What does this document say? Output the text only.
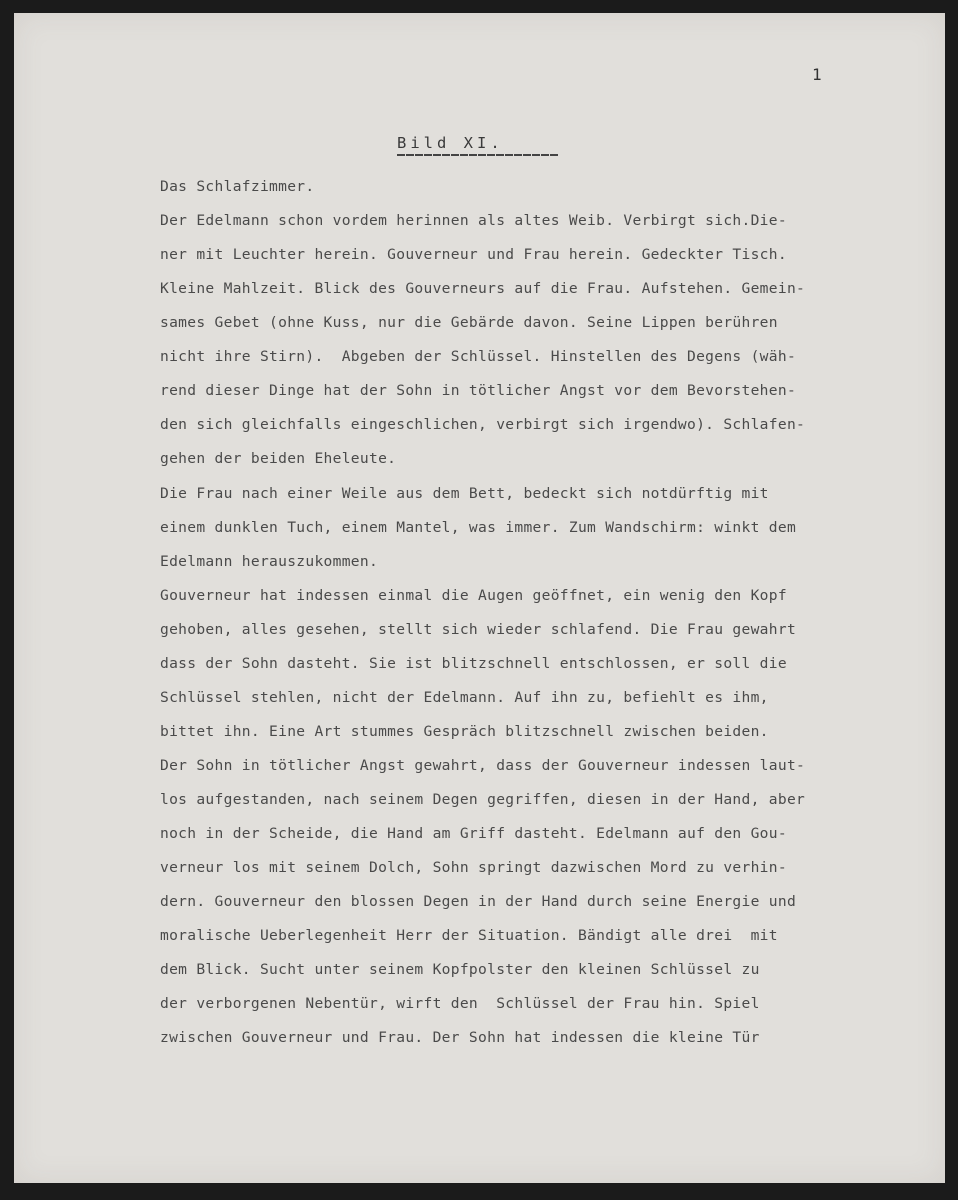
1
Bild XI.
Das Schlafzimmer.
Der Edelmann schon vordem herinnen als altes Weib. Verbirgt sich.Die-
ner mit Leuchter herein. Gouverneur und Frau herein. Gedeckter Tisch.
Kleine Mahlzeit. Blick des Gouverneurs auf die Frau. Aufstehen. Gemein-
sames Gebet (ohne Kuss, nur die Gebärde davon. Seine Lippen berühren
nicht ihre Stirn).  Abgeben der Schlüssel. Hinstellen des Degens (wäh-
rend dieser Dinge hat der Sohn in tötlicher Angst vor dem Bevorstehen-
den sich gleichfalls eingeschlichen, verbirgt sich irgendwo). Schlafen-
gehen der beiden Eheleute.
Die Frau nach einer Weile aus dem Bett, bedeckt sich notdürftig mit
einem dunklen Tuch, einem Mantel, was immer. Zum Wandschirm: winkt dem
Edelmann herauszukommen.
Gouverneur hat indessen einmal die Augen geöffnet, ein wenig den Kopf
gehoben, alles gesehen, stellt sich wieder schlafend. Die Frau gewahrt
dass der Sohn dasteht. Sie ist blitzschnell entschlossen, er soll die
Schlüssel stehlen, nicht der Edelmann. Auf ihn zu, befiehlt es ihm,
bittet ihn. Eine Art stummes Gespräch blitzschnell zwischen beiden.
Der Sohn in tötlicher Angst gewahrt, dass der Gouverneur indessen laut-
los aufgestanden, nach seinem Degen gegriffen, diesen in der Hand, aber
noch in der Scheide, die Hand am Griff dasteht. Edelmann auf den Gou-
verneur los mit seinem Dolch, Sohn springt dazwischen Mord zu verhin-
dern. Gouverneur den blossen Degen in der Hand durch seine Energie und
moralische Ueberlegenheit Herr der Situation. Bändigt alle drei  mit
dem Blick. Sucht unter seinem Kopfpolster den kleinen Schlüssel zu
der verborgenen Nebentür, wirft den  Schlüssel der Frau hin. Spiel
zwischen Gouverneur und Frau. Der Sohn hat indessen die kleine Tür
